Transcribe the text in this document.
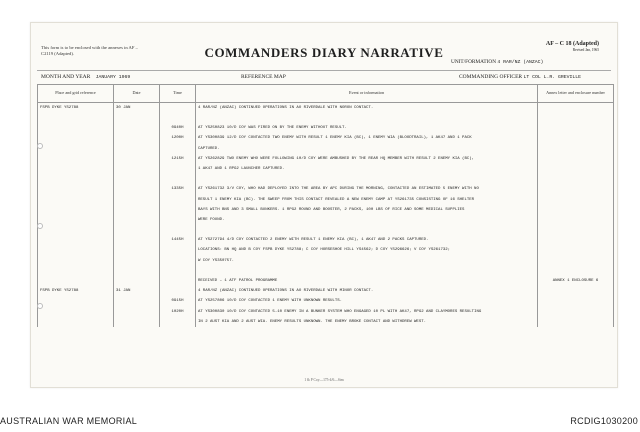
This form is to be enclosed with the annexes in AF – C2119 (Adapted).	COMMANDERS DIARY NARRATIVE
AF – C 18 (Adapted)
Revised Jan, 1965
UNIT/FORMATION 4 RAR/NZ (ANZAC)
MONTH AND YEAR JANUARY 1969	REFERENCE MAP	COMMANDING OFFICER LT COL L.R. GREVILLE
Place and grid reference	Date	Time	Event or information	Annex letter and enclosure number
FSPB DYKE YS2788	30 JAN		4 RAR/NZ (ANZAC) CONTINUED OPERATIONS IN AO RIVERDALE WITH NORON CONTACT.	

		0940H	AT YS250823 10/D COY WAS FIRED ON BY THE ENEMY WITHOUT RESULT.	
		1200H	AT YS300839 12/D COY CONTACTED TWO ENEMY WITH RESULT 1 ENEMY KIA (BC), 1 ENEMY WIA (BLOODTRAIL), 1 AK47 AND 1 PACK	
			CAPTURED.	
		1215H	AT YS262829 TWO ENEMY WHO WERE FOLLOWING 10/D COY WERE AMBUSHED BY THE REAR HQ MEMBER WITH RESULT 2 ENEMY KIA (BC),	
			1 AK47 AND 1 RPG2 LAUNCHER CAPTURED.	

		1335H	AT YS261732 3/V COY, WHO HAD DEPLOYED INTO THE AREA BY APC DURING THE MORNING, CONTACTED AN ESTIMATED 5 ENEMY WITH NO	
			RESULT 1 ENEMY KIA (BC). THE SWEEP FROM THIS CONTACT REVEALED A NEW ENEMY CAMP AT YS261735 CONSISTING OF 16 SHELTER	
			BAYS WITH BNS AND 3 SMALL BUNKERS. 1 RPG2 ROUND AND BOOSTER, 2 PACKS, 100 LBS OF RICE AND SOME MEDICAL SUPPLIES	
			WERE FOUND.	

		1445H	AT YS272794 4/D COY CONTACTED 2 ENEMY WITH RESULT 1 ENEMY KIA (BC), 1 AK47 AND 2 PACKS CAPTURED.	
			LOCATIONS: BN HQ AND B COY FSPB DYKE YS2788; C COY HORSESHOE HILL YS4562; D COY YS296626; V COY YS261732;	
			W COY YS350757.	

			RECEIVED – 1 ATF PATROL PROGRAMME	ANNEX 1 ENCLOSURE 6
FSPB DYKE YS2788	31 JAN		4 RAR/NZ (ANZAC) CONTINUED OPERATIONS IN AO RIVERDALE WITH MINOR CONTACT.	
		0915H	AT YS257806 10/D COY CONTACTED 1 ENEMY WITH UNKNOWN RESULTS.	
		1020H	AT YS300830 10/D COY CONTACTED 5-10 ENEMY IN A BUNKER SYSTEM WHO ENGAGED 10 PL WITH AK47, RPG2 AND CLAYMORES RESULTING	
			IN 2 AUST KIA AND 2 AUST WIA. ENEMY RESULTS UNKNOWN. THE ENEMY BROKE CONTACT AND WITHDREW WEST.	
1 & P Coy—175-4/6—Stm
AUSTRALIAN WAR MEMORIAL	RCDIG1030200
